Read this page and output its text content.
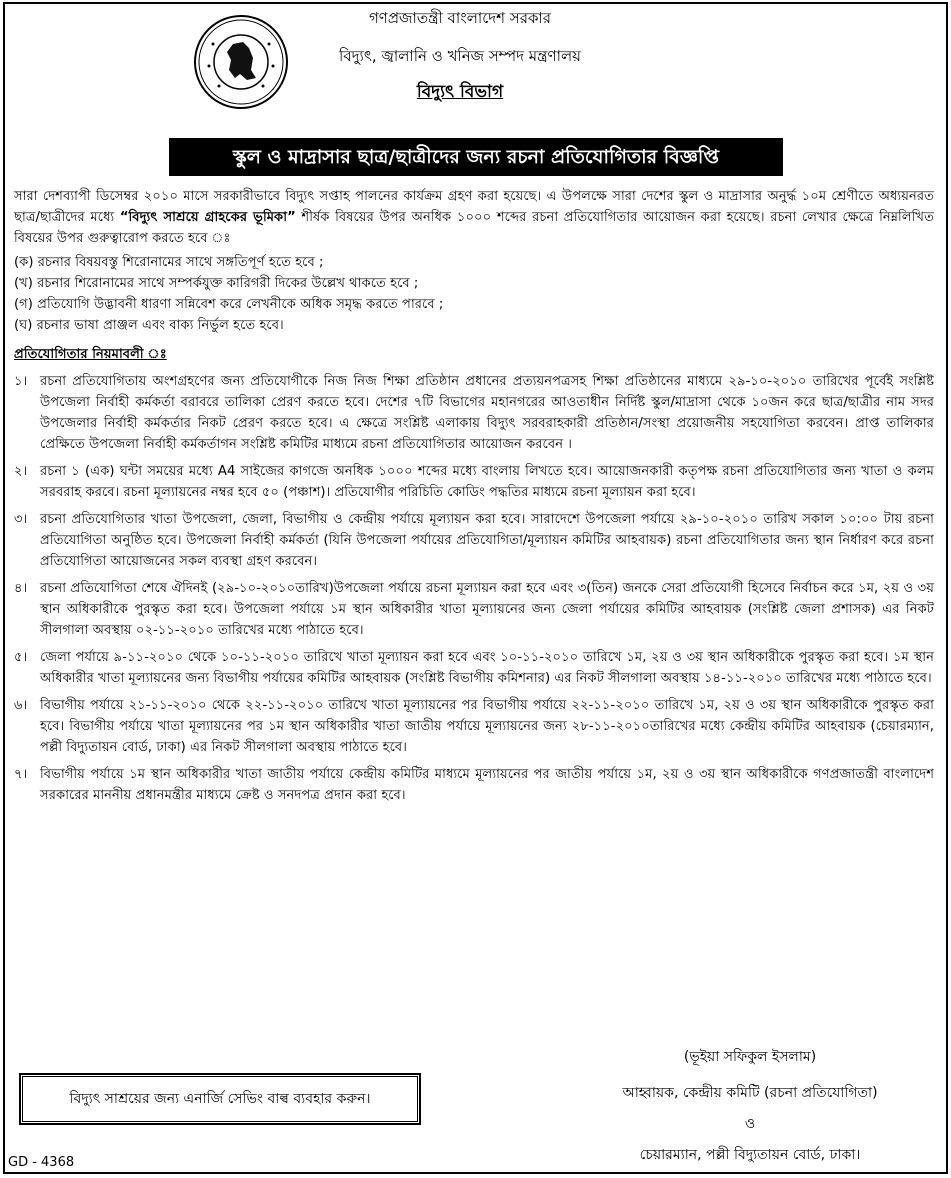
গণপ্রজাতন্ত্রী বাংলাদেশ সরকার
বিদ্যুৎ, জ্বালানি ও খনিজ সম্পদ মন্ত্রণালয়
বিদ্যুৎ বিভাগ
স্কুল ও মাদ্রাসার ছাত্র/ছাত্রীদের জন্য রচনা প্রতিযোগিতার বিজ্ঞপ্তি

সারা দেশব্যাপী ডিসেম্বর ২০১০ মাসে সরকারীভাবে বিদ্যুৎ সপ্তাহ পালনের কার্যক্রম গ্রহণ করা হয়েছে। এ উপলক্ষে সারা দেশের স্কুল ও মাদ্রাসার অনুর্দ্ধ ১০ম শ্রেণীতে অধ্যয়নরত ছাত্র/ছাত্রীদের মধ্যে “বিদ্যুৎ সাশ্রয়ে গ্রাহকের ভূমিকা” শীর্ষক বিষয়ের উপর অনধিক ১০০০ শব্দের রচনা প্রতিযোগিতার আয়োজন করা হয়েছে। রচনা লেখার ক্ষেত্রে নিম্নলিখিত বিষয়ের উপর গুরুত্বারোপ করতে হবে ঃ

(ক) রচনার বিষয়বস্তু শিরোনামের সাথে সঙ্গতিপূর্ণ হতে হবে ;
(খ) রচনার শিরোনামের সাথে সম্পর্কযুক্ত কারিগরী দিকের উল্লেখ থাকতে হবে ;
(গ) প্রতিযোগি উদ্ভাবনী ধারণা সন্নিবেশ করে লেখনীকে অধিক সমৃদ্ধ করতে পারবে ;
(ঘ) রচনার ভাষা প্রাঞ্জল এবং বাক্য নির্ভুল হতে হবে।
প্রতিযোগিতার নিয়মাবলী ঃ
১। রচনা প্রতিযোগিতায় অংশগ্রহণের জন্য প্রতিযোগীকে নিজ নিজ শিক্ষা প্রতিষ্ঠান প্রধানের প্রত্যয়নপত্রসহ শিক্ষা প্রতিষ্ঠানের মাধ্যমে ২৯-১০-২০১০ তারিখের পূর্বেই সংশ্লিষ্ট উপজেলা নির্বাহী কর্মকর্তা বরাবরে তালিকা প্রেরণ করতে হবে। দেশের ৭টি বিভাগের মহানগরের আওতাধীন নির্দিষ্ট স্কুল/মাদ্রাসা থেকে ১০জন করে ছাত্র/ছাত্রীর নাম সদর উপজেলার নির্বাহী কর্মকর্তার নিকট প্রেরণ করতে হবে। এ ক্ষেত্রে সংশ্লিষ্ট এলাকায় বিদ্যুৎ সরবরাহকারী প্রতিষ্ঠান/সংস্থা প্রয়োজনীয় সহযোগিতা করবেন। প্রাপ্ত তালিকার প্রেক্ষিতে উপজেলা নির্বাহী কর্মকর্তাগন সংশ্লিষ্ট কমিটির মাধ্যমে রচনা প্রতিযোগিতার আয়োজন করবেন ।
২। রচনা ১ (এক) ঘন্টা সময়ের মধ্যে A4 সাইজের কাগজে অনধিক ১০০০ শব্দের মধ্যে বাংলায় লিখতে হবে। আয়োজনকারী কতৃপক্ষ রচনা প্রতিযোগিতার জন্য খাতা ও কলম সরবরাহ করবে। রচনা মূল্যায়নের নম্বর হবে ৫০ (পঞ্চাশ)। প্রতিযোগীর পরিচিতি কোডিং পদ্ধতির মাধ্যমে রচনা মূল্যায়ন করা হবে।
৩। রচনা প্রতিযোগিতার খাতা উপজেলা, জেলা, বিভাগীয় ও কেন্দ্রীয় পর্যায়ে মূল্যায়ন করা হবে। সারাদেশে উপজেলা পর্যায়ে ২৯-১০-২০১০ তারিখ সকাল ১০:০০ টায় রচনা প্রতিযোগিতা অনুষ্ঠিত হবে। উপজেলা নির্বাহী কর্মকর্তা (যিনি উপজেলা পর্যায়ের প্রতিযোগিতা/মূল্যায়ন কমিটির আহবায়ক) রচনা প্রতিযোগিতার জন্য স্থান নির্ধারণ করে রচনা প্রতিযোগিতা আয়োজনের সকল ব্যবস্থা গ্রহণ করবেন।
৪। রচনা প্রতিযোগিতা শেষে ঐদিনই (২৯-১০-২০১০তারিখ)উপজেলা পর্যায়ে রচনা মূল্যায়ন করা হবে এবং ৩(তিন) জনকে সেরা প্রতিযোগী হিসেবে নির্বাচন করে ১ম, ২য় ও ৩য় স্থান অধিকারীকে পুরস্কৃত করা হবে। উপজেলা পর্যায়ে ১ম স্থান অধিকারীর খাতা মূল্যায়নের জন্য জেলা পর্যায়ের কমিটির আহবায়ক (সংশ্লিষ্ট জেলা প্রশাসক) এর নিকট সীলগালা অবস্থায় ০২-১১-২০১০ তারিখের মধ্যে পাঠাতে হবে।
৫। জেলা পর্যায়ে ৯-১১-২০১০ থেকে ১০-১১-২০১০ তারিখে খাতা মূল্যায়ন করা হবে এবং ১০-১১-২০১০ তারিখে ১ম, ২য় ও ৩য় স্থান অধিকারীকে পুরস্কৃত করা হবে। ১ম স্থান অধিকারীর খাতা মূল্যায়নের জন্য বিভাগীয় পর্যায়ের কমিটির আহবায়ক (সংশ্লিষ্ট বিভাগীয় কমিশনার) এর নিকট সীলগালা অবস্থায় ১৪-১১-২০১০ তারিখের মধ্যে পাঠাতে হবে।
৬। বিভাগীয় পর্যায়ে ২১-১১-২০১০ থেকে ২২-১১-২০১০ তারিখে খাতা মূল্যায়নের পর বিভাগীয় পর্যায়ে ২২-১১-২০১০ তারিখে ১ম, ২য় ও ৩য় স্থান অধিকারীকে পুরস্কৃত করা হবে। বিভাগীয় পর্যায়ে খাতা মূল্যায়নের পর ১ম স্থান অধিকারীর খাতা জাতীয় পর্যায়ে মূল্যায়নের জন্য ২৮-১১-২০১০তারিখের মধ্যে কেন্দ্রীয় কমিটির আহবায়ক (চেয়ারম্যান, পল্লী বিদ্যুতায়ন বোর্ড, ঢাকা) এর নিকট সীলগালা অবস্থায় পাঠাতে হবে।
৭। বিভাগীয় পর্যায়ে ১ম স্থান অধিকারীর খাতা জাতীয় পর্যায়ে কেন্দ্রীয় কমিটির মাধ্যমে মূল্যায়নের পর জাতীয় পর্যায়ে ১ম, ২য় ও ৩য় স্থান অধিকারীকে গণপ্রজাতন্ত্রী বাংলাদেশ সরকারের মাননীয় প্রধানমন্ত্রীর মাধ্যমে ক্রেষ্ট ও সনদপত্র প্রদান করা হবে।
বিদ্যুৎ সাশ্রয়ের জন্য এনার্জি সেভিং বাল্ব ব্যবহার করুন।
(ভূইয়া সফিকুল ইসলাম)
আহ্বায়ক, কেন্দ্রীয় কমিটি (রচনা প্রতিযোগিতা)
ও
চেয়ারম্যান, পল্লী বিদ্যুতায়ন বোর্ড, ঢাকা।
GD - 4368
